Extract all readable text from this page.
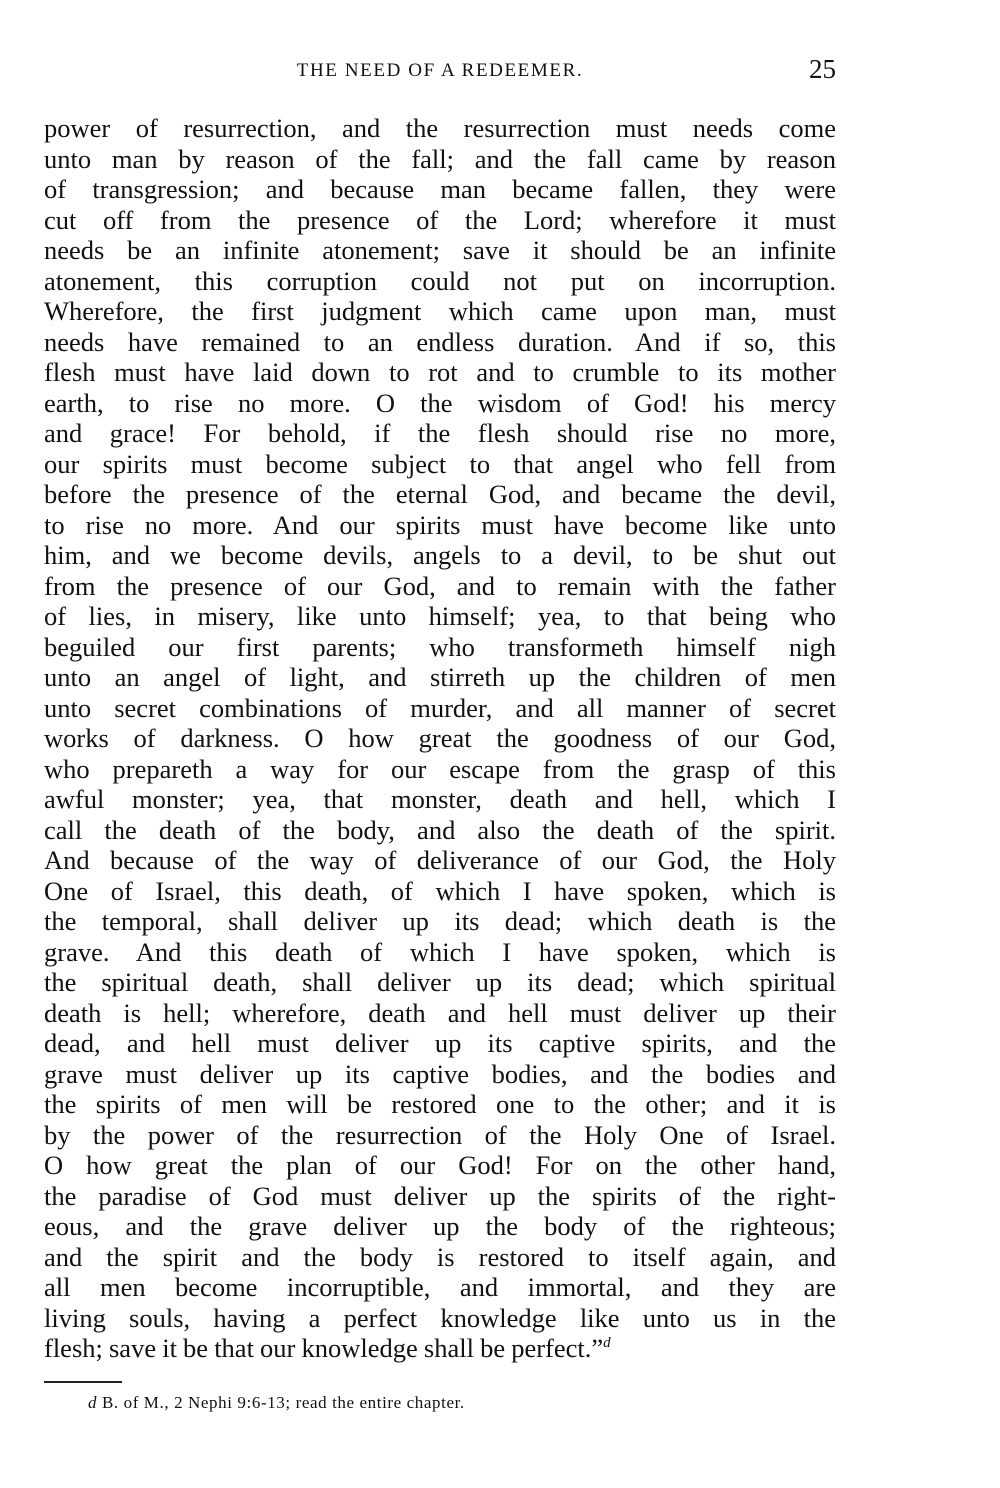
THE NEED OF A REDEEMER.	25
power of resurrection, and the resurrection must needs come
unto man by reason of the fall; and the fall came by reason
of transgression; and because man became fallen, they were
cut off from the presence of the Lord; wherefore it must
needs be an infinite atonement; save it should be an infinite
atonement, this corruption could not put on incorruption.
Wherefore, the first judgment which came upon man, must
needs have remained to an endless duration. And if so, this
flesh must have laid down to rot and to crumble to its mother
earth, to rise no more. O the wisdom of God! his mercy
and grace! For behold, if the flesh should rise no more,
our spirits must become subject to that angel who fell from
before the presence of the eternal God, and became the devil,
to rise no more. And our spirits must have become like unto
him, and we become devils, angels to a devil, to be shut out
from the presence of our God, and to remain with the father
of lies, in misery, like unto himself; yea, to that being who
beguiled our first parents; who transformeth himself nigh
unto an angel of light, and stirreth up the children of men
unto secret combinations of murder, and all manner of secret
works of darkness. O how great the goodness of our God,
who prepareth a way for our escape from the grasp of this
awful monster; yea, that monster, death and hell, which I
call the death of the body, and also the death of the spirit.
And because of the way of deliverance of our God, the Holy
One of Israel, this death, of which I have spoken, which is
the temporal, shall deliver up its dead; which death is the
grave. And this death of which I have spoken, which is
the spiritual death, shall deliver up its dead; which spiritual
death is hell; wherefore, death and hell must deliver up their
dead, and hell must deliver up its captive spirits, and the
grave must deliver up its captive bodies, and the bodies and
the spirits of men will be restored one to the other; and it is
by the power of the resurrection of the Holy One of Israel.
O how great the plan of our God! For on the other hand,
the paradise of God must deliver up the spirits of the right-
eous, and the grave deliver up the body of the righteous;
and the spirit and the body is restored to itself again, and
all men become incorruptible, and immortal, and they are
living souls, having a perfect knowledge like unto us in the
flesh; save it be that our knowledge shall be perfect.”$^d$
d B. of M., 2 Nephi 9:6-13; read the entire chapter.
